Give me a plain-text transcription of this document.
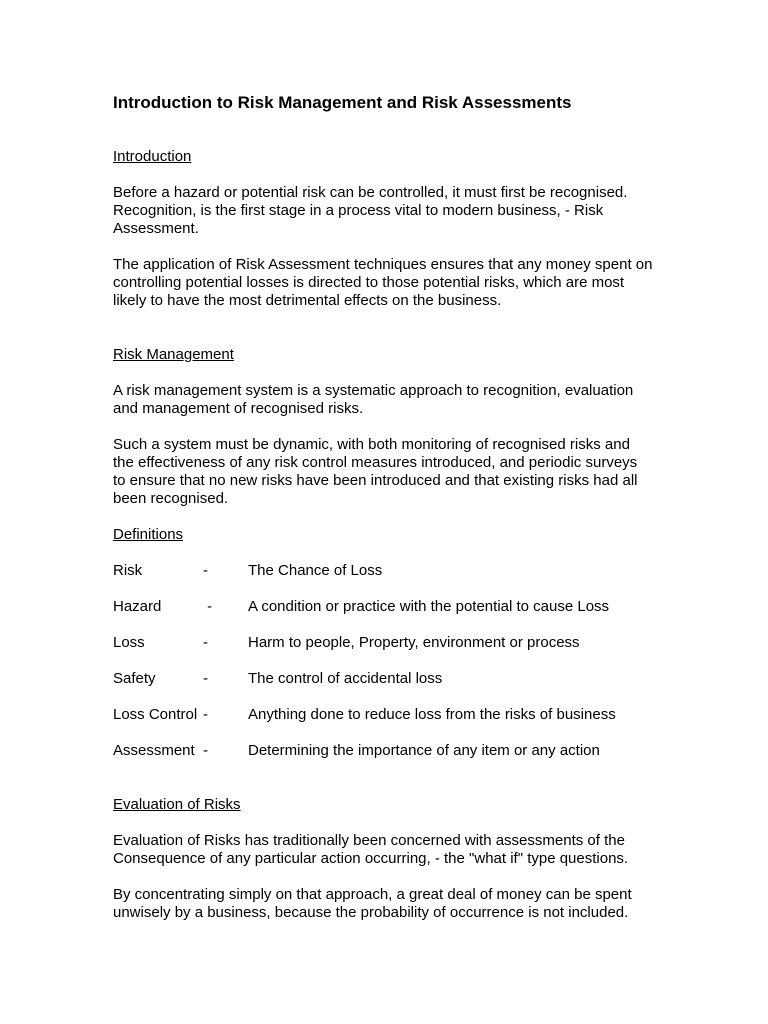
Introduction to Risk Management and Risk Assessments

Introduction

Before a hazard or potential risk can be controlled, it must first be recognised. Recognition, is the first stage in a process vital to modern business, - Risk Assessment.

The application of Risk Assessment techniques ensures that any money spent on controlling potential losses is directed to those potential risks, which are most likely to have the most detrimental effects on the business.

Risk Management

A risk management system is a systematic approach to recognition, evaluation and management of recognised risks.

Such a system must be dynamic, with both monitoring of recognised risks and the effectiveness of any risk control measures introduced, and periodic surveys to ensure that no new risks have been introduced and that existing risks had all been recognised.

Definitions

Risk	-	The Chance of Loss
Hazard	-	A condition or practice with the potential to cause Loss
Loss	-	Harm to people, Property, environment or process
Safety	-	The control of accidental loss
Loss Control -	Anything done to reduce loss from the risks of business
Assessment -	Determining the importance of any item or any action

Evaluation of Risks

Evaluation of Risks has traditionally been concerned with assessments of the Consequence of any particular action occurring, - the "what if" type questions.

By concentrating simply on that approach, a great deal of money can be spent unwisely by a business, because the probability of occurrence is not included.
